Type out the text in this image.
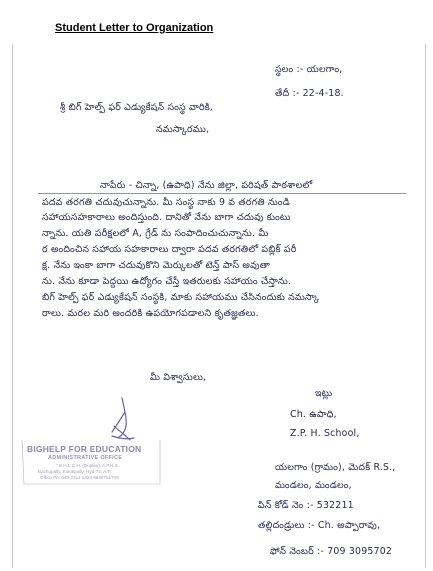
Student Letter to Organization
స్థలం :- యలగాం,
తేదీ :- 22-4-18.
శ్రీ బిగ్ హెల్ప్ ఫర్ ఎడ్యుకేషన్ సంస్థ వారికి,
నమస్కారము,
నాపేరు - చిన్నా, (ఉపాధి) నేను జిల్లా, పరిషత్ పాఠశాలలో
పదవ తరగతి చదువుచున్నాను. మీ సంస్థ నాకు 9 వ తరగతి నుండి
సహాయసహకారాలు అందిస్తుంది. దానితో నేను బాగా చదువు కుంటు
న్నాను. యతి పరీక్షలలో A, గ్రేడ్ ను సంపాదించుచున్నాను. మీ
ర అందించిన సహాయ సహకారాలు ద్వారా పదవ తరగతిలో పబ్లిక్ పరీ
క్ష. నేను ఇంకా బాగా చదువుకొని మెర్కులతో టెన్త్ పాస్ అవుతా
ను. నేను కూడా పెద్దయి ఉద్యోగం చేస్తే ఇతరులకు సహాయం చేస్తాను.
బిగ్ హెల్ప్ ఫర్ ఎడ్యుకేషన్ సంస్థకి, మాకు సహాయము చేసినందుకు నమస్కా
రాలు. మరల మరి అందరికి ఉపయోగపడాలని కృతజ్ఞతలు.
మీ విశ్వాసులు,
ఇట్లు
Ch. ఉపాధి,
Z.P. H. School,
యలగాం (గ్రామం), మెదక్ R.S.,
మండలం, మండలం,
పిన్ కోడ్ నెం :- 532211
తల్లిదండ్రులు :- Ch. అప్పారావు,
ఫోన్ నెంబర్ :- 709 3095702
BIGHELP FOR EDUCATION
ADMINISTRATIVE OFFICE
" B.H.L.G.H. (Duplex), A.P.H.S.,
Bachupally, Kukatpally, Hyd-72, A.P.
Office Ph: 040-2311 1324 9849751708
